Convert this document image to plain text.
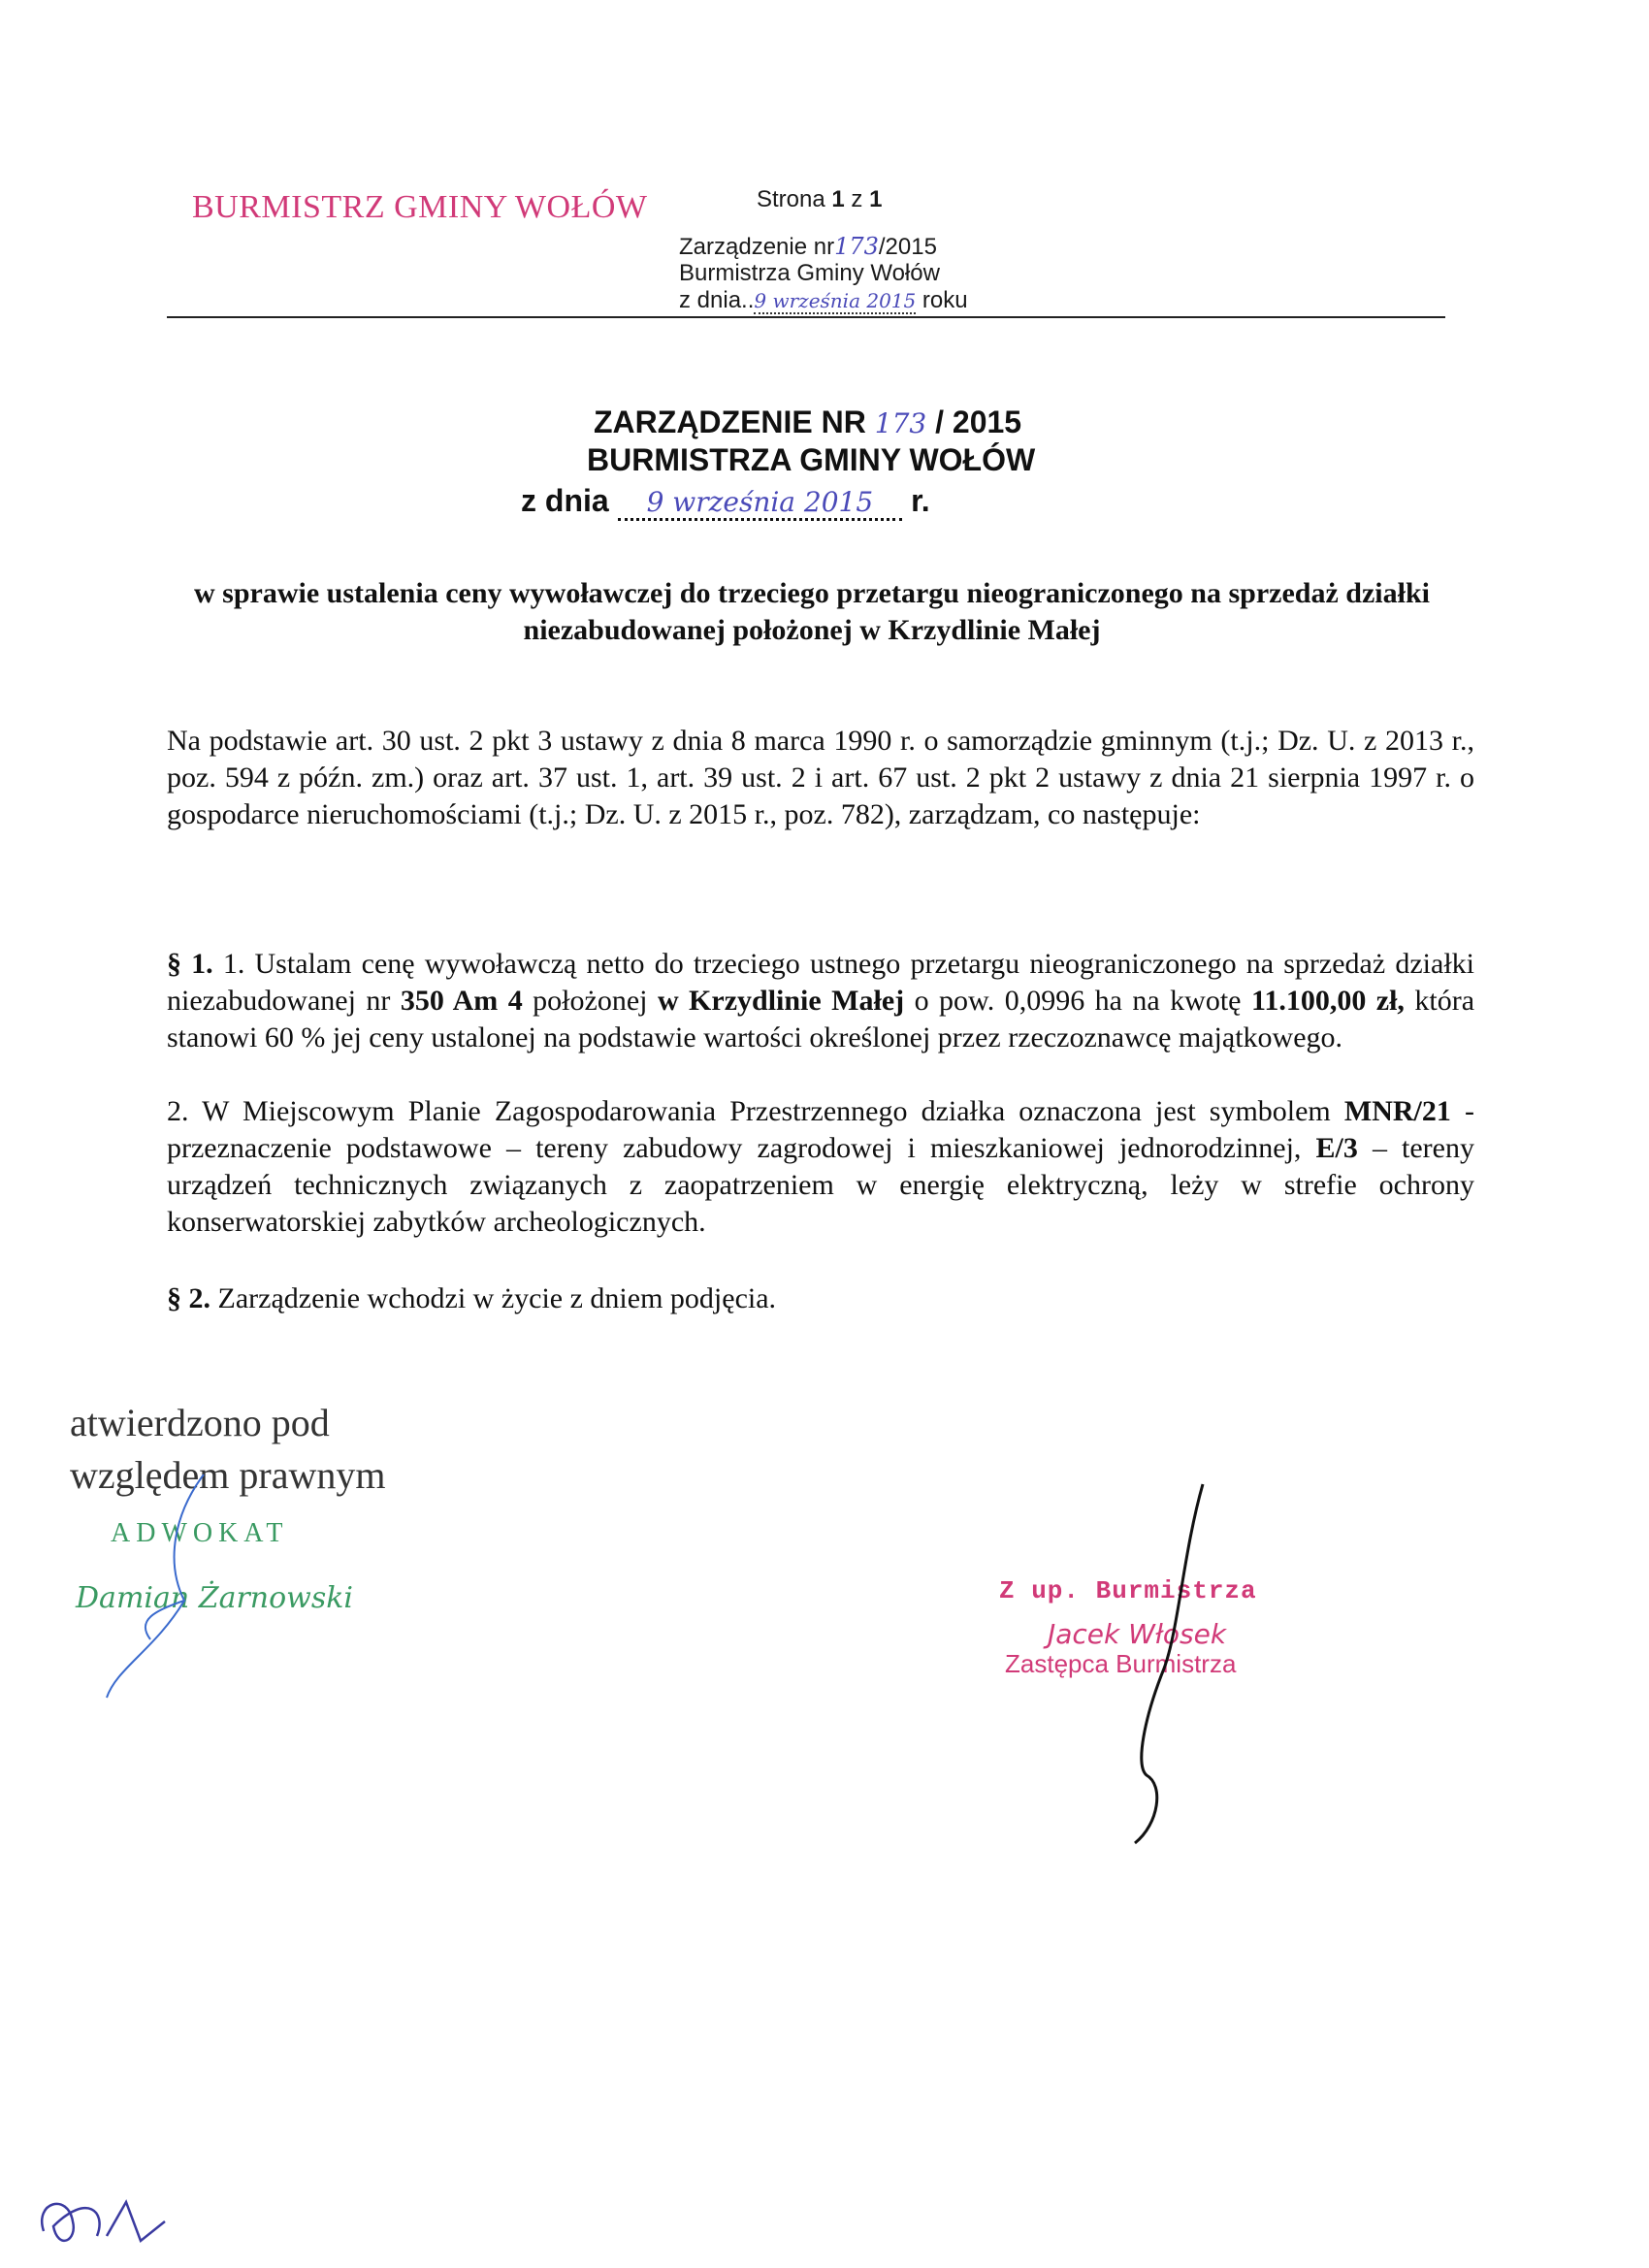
BURMISTRZ GMINY WOŁÓW	Strona 1 z 1
Zarządzenie nr173/2015
Burmistrza Gminy Wołów
z dnia..9 września 2015 roku
ZARZĄDZENIE NR 173 / 2015
BURMISTRZA GMINY WOŁÓW
z dnia 9 września 2015 r.
w sprawie ustalenia ceny wywoławczej do trzeciego przetargu nieograniczonego na sprzedaż działki niezabudowanej położonej w Krzydlinie Małej
Na podstawie art. 30 ust. 2 pkt 3 ustawy z dnia 8 marca 1990 r. o samorządzie gminnym (t.j.; Dz. U. z 2013 r., poz. 594 z późn. zm.) oraz art. 37 ust. 1, art. 39 ust. 2 i art. 67 ust. 2 pkt 2 ustawy z dnia 21 sierpnia 1997 r. o gospodarce nieruchomościami (t.j.; Dz. U. z 2015 r., poz. 782), zarządzam, co następuje:
§ 1. 1. Ustalam cenę wywoławczą netto do trzeciego ustnego przetargu nieograniczonego na sprzedaż działki niezabudowanej nr 350 Am 4 położonej w Krzydlinie Małej o pow. 0,0996 ha na kwotę 11.100,00 zł, która stanowi 60 % jej ceny ustalonej na podstawie wartości określonej przez rzeczoznawcę majątkowego.
2. W Miejscowym Planie Zagospodarowania Przestrzennego działka oznaczona jest symbolem MNR/21 - przeznaczenie podstawowe – tereny zabudowy zagrodowej i mieszkaniowej jednorodzinnej, E/3 – tereny urządzeń technicznych związanych z zaopatrzeniem w energię elektryczną, leży w strefie ochrony konserwatorskiej zabytków archeologicznych.
§ 2. Zarządzenie wchodzi w życie z dniem podjęcia.
atwierdzono pod
względem prawnym
ADWOKAT
Damian Żarnowski	Z up. Burmistrza
Jacek Włosek
Zastępca Burmistrza
